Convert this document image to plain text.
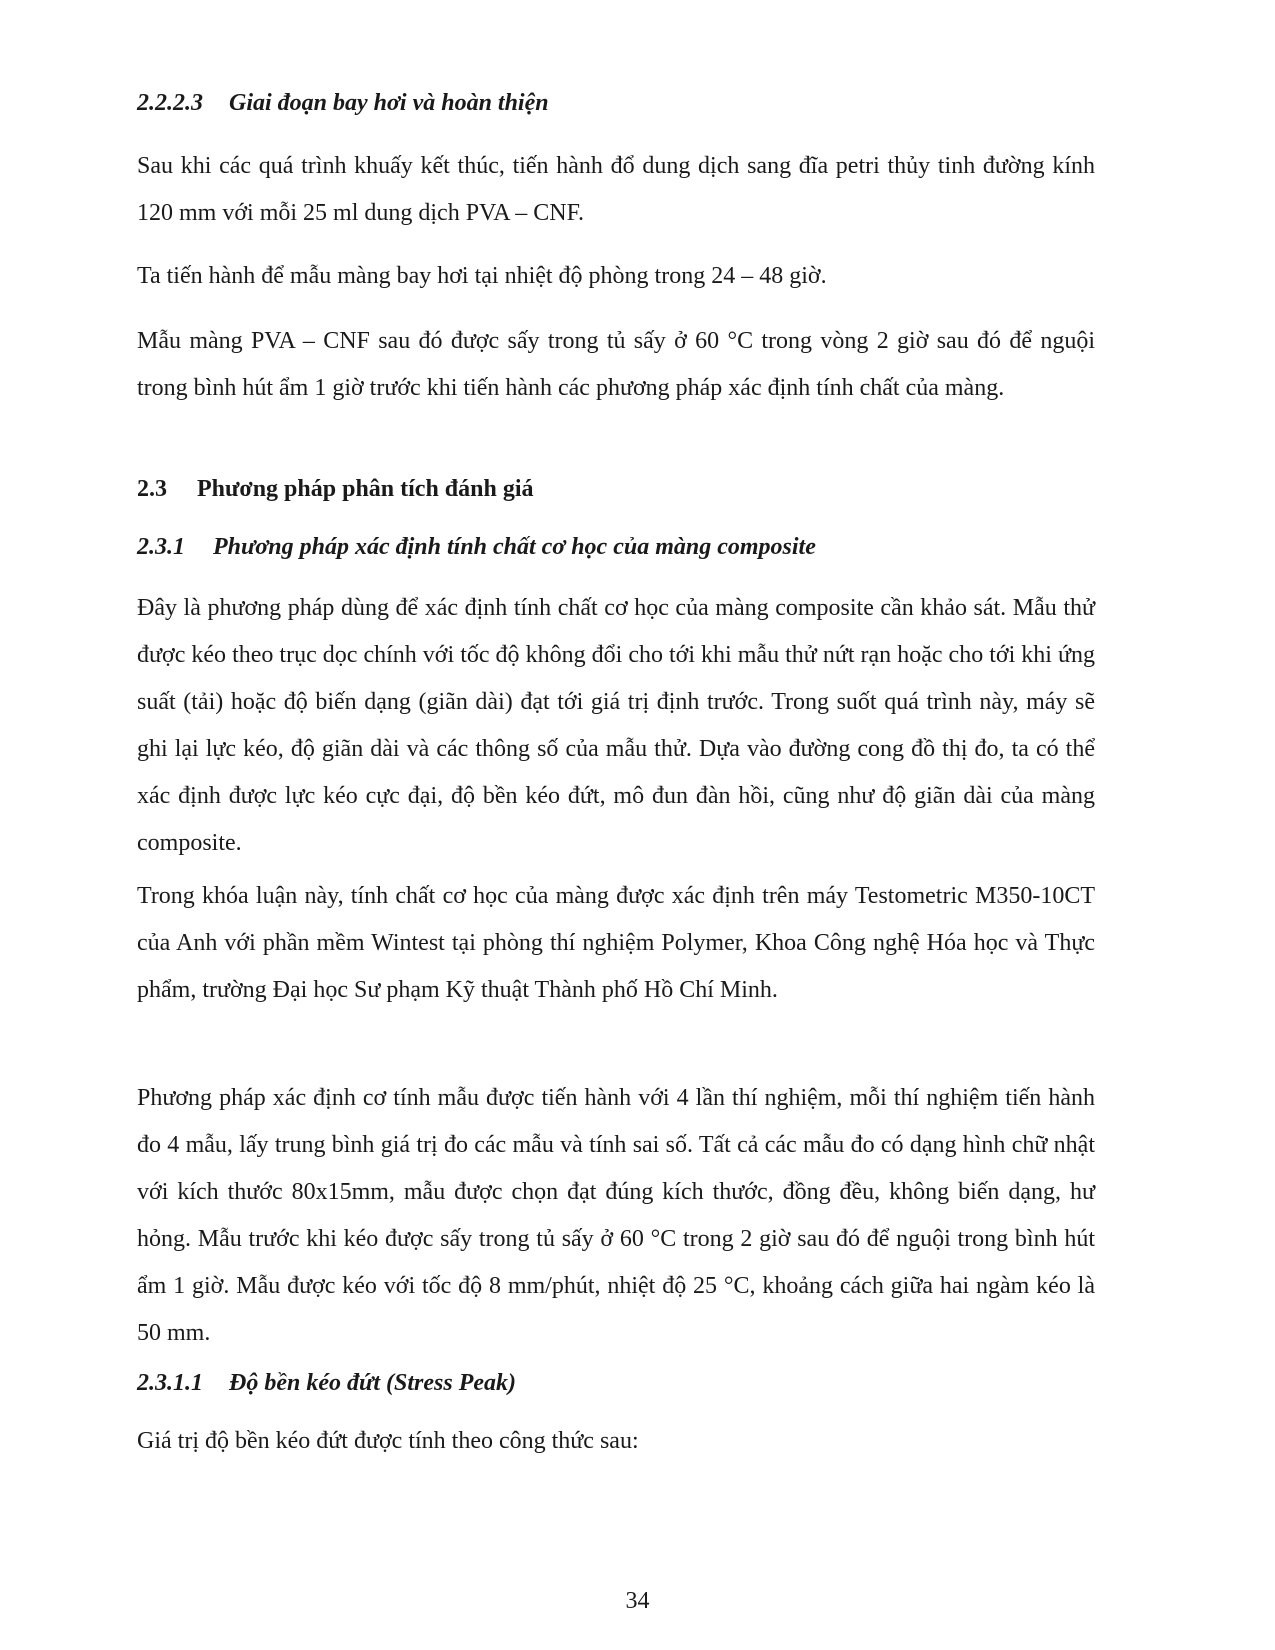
2.2.2.3 Giai đoạn bay hơi và hoàn thiện

Sau khi các quá trình khuấy kết thúc, tiến hành đổ dung dịch sang đĩa petri thủy tinh đường kính 120 mm với mỗi 25 ml dung dịch PVA – CNF.

Ta tiến hành để mẫu màng bay hơi tại nhiệt độ phòng trong 24 – 48 giờ.

Mẫu màng PVA – CNF sau đó được sấy trong tủ sấy ở 60 °C trong vòng 2 giờ sau đó để nguội trong bình hút ẩm 1 giờ trước khi tiến hành các phương pháp xác định tính chất của màng.

2.3 Phương pháp phân tích đánh giá
2.3.1 Phương pháp xác định tính chất cơ học của màng composite

Đây là phương pháp dùng để xác định tính chất cơ học của màng composite cần khảo sát. Mẫu thử được kéo theo trục dọc chính với tốc độ không đổi cho tới khi mẫu thử nứt rạn hoặc cho tới khi ứng suất (tải) hoặc độ biến dạng (giãn dài) đạt tới giá trị định trước. Trong suốt quá trình này, máy sẽ ghi lại lực kéo, độ giãn dài và các thông số của mẫu thử. Dựa vào đường cong đồ thị đo, ta có thể xác định được lực kéo cực đại, độ bền kéo đứt, mô đun đàn hồi, cũng như độ giãn dài của màng composite.

Trong khóa luận này, tính chất cơ học của màng được xác định trên máy Testometric M350-10CT của Anh với phần mềm Wintest tại phòng thí nghiệm Polymer, Khoa Công nghệ Hóa học và Thực phẩm, trường Đại học Sư phạm Kỹ thuật Thành phố Hồ Chí Minh.

Phương pháp xác định cơ tính mẫu được tiến hành với 4 lần thí nghiệm, mỗi thí nghiệm tiến hành đo 4 mẫu, lấy trung bình giá trị đo các mẫu và tính sai số. Tất cả các mẫu đo có dạng hình chữ nhật với kích thước 80x15mm, mẫu được chọn đạt đúng kích thước, đồng đều, không biến dạng, hư hỏng. Mẫu trước khi kéo được sấy trong tủ sấy ở 60 °C trong 2 giờ sau đó để nguội trong bình hút ẩm 1 giờ. Mẫu được kéo với tốc độ 8 mm/phút, nhiệt độ 25 °C, khoảng cách giữa hai ngàm kéo là 50 mm.

2.3.1.1 Độ bền kéo đứt (Stress Peak)

Giá trị độ bền kéo đứt được tính theo công thức sau:

34
